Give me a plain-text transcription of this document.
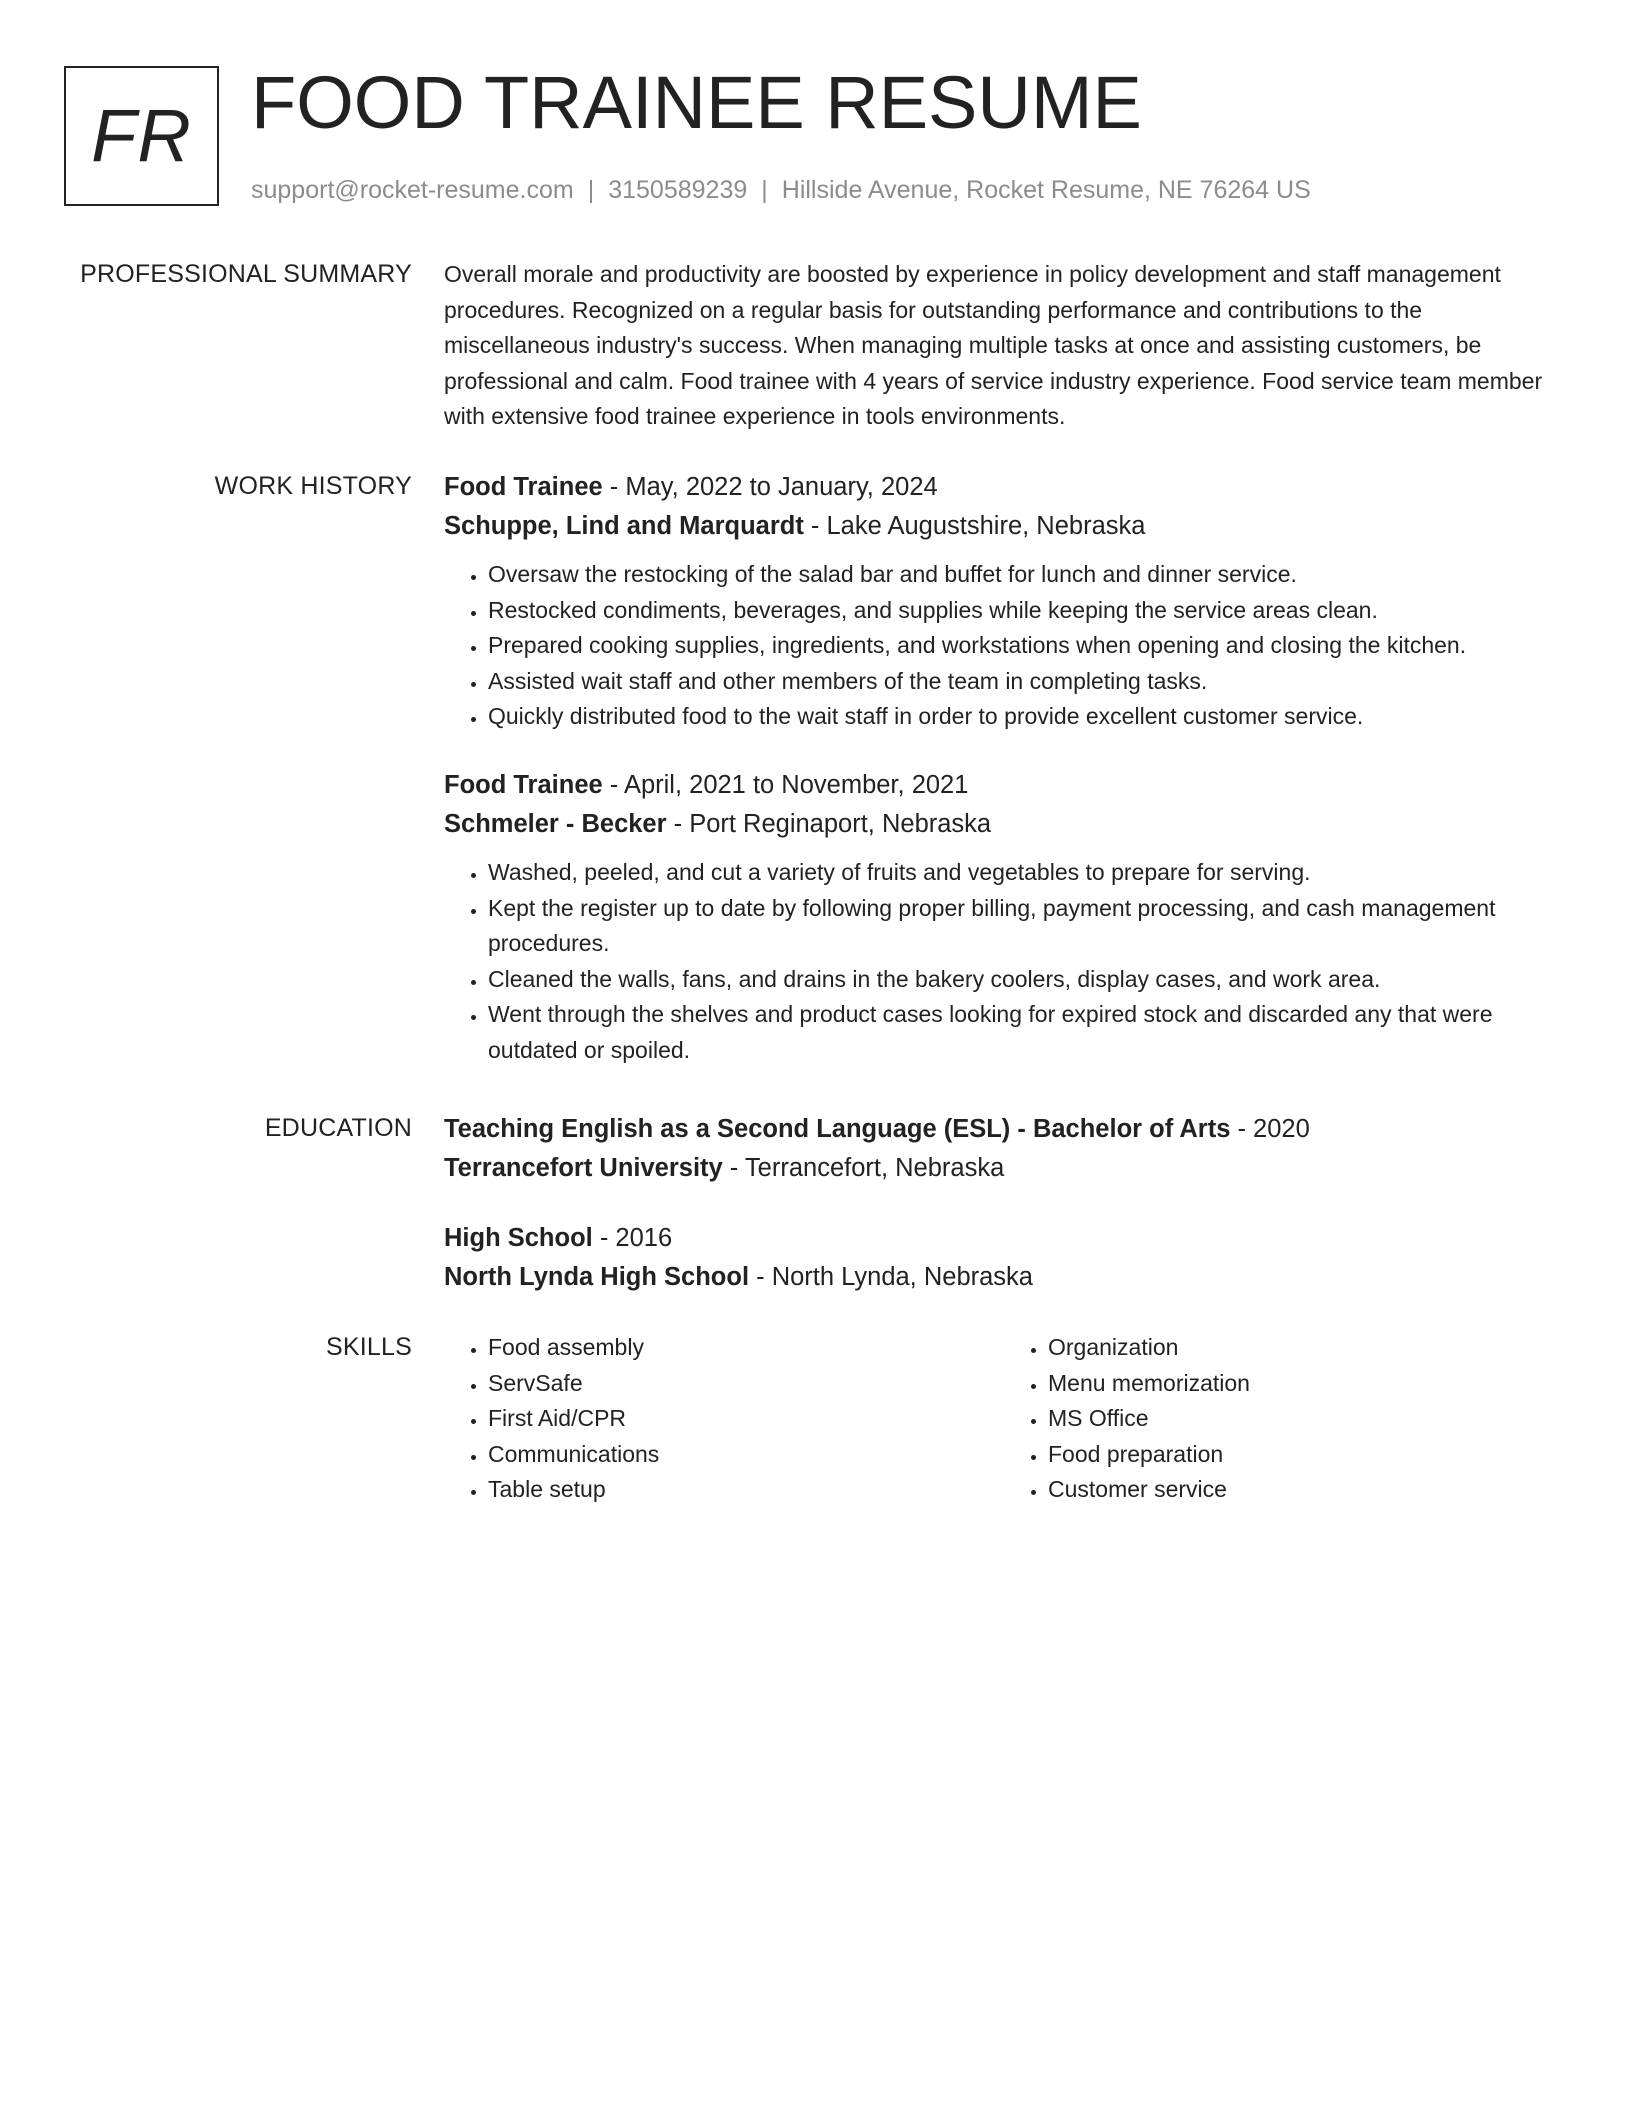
FR FOOD TRAINEE RESUME
support@rocket-resume.com | 3150589239 | Hillside Avenue, Rocket Resume, NE 76264 US
PROFESSIONAL SUMMARY Overall morale and productivity are boosted by experience in policy development and staff management procedures. Recognized on a regular basis for outstanding performance and contributions to the miscellaneous industry's success. When managing multiple tasks at once and assisting customers, be professional and calm. Food trainee with 4 years of service industry experience. Food service team member with extensive food trainee experience in tools environments.

WORK HISTORY Food Trainee - May, 2022 to January, 2024

Schuppe, Lind and Marquardt - Lake Augustshire, Nebraska

• Oversaw the restocking of the salad bar and buffet for lunch and dinner service.
• Restocked condiments, beverages, and supplies while keeping the service areas clean.
• Prepared cooking supplies, ingredients, and workstations when opening and closing the kitchen.
• Assisted wait staff and other members of the team in completing tasks.
• Quickly distributed food to the wait staff in order to provide excellent customer service.

Food Trainee - April, 2021 to November, 2021

Schmeler - Becker - Port Reginaport, Nebraska

• Washed, peeled, and cut a variety of fruits and vegetables to prepare for serving.
• Kept the register up to date by following proper billing, payment processing, and cash management procedures.
• Cleaned the walls, fans, and drains in the bakery coolers, display cases, and work area.
• Went through the shelves and product cases looking for expired stock and discarded any that were outdated or spoiled.
EDUCATION Teaching English as a Second Language (ESL) - Bachelor of Arts - 2020

Terrancefort University - Terrancefort, Nebraska

High School - 2016

North Lynda High School - North Lynda, Nebraska

SKILLS
•	Food assembly
• ServSafe
• First Aid/CPR
• Communications
• Table setup
• Organization
• Menu memorization
• MS Office
• Food preparation
• Customer service
